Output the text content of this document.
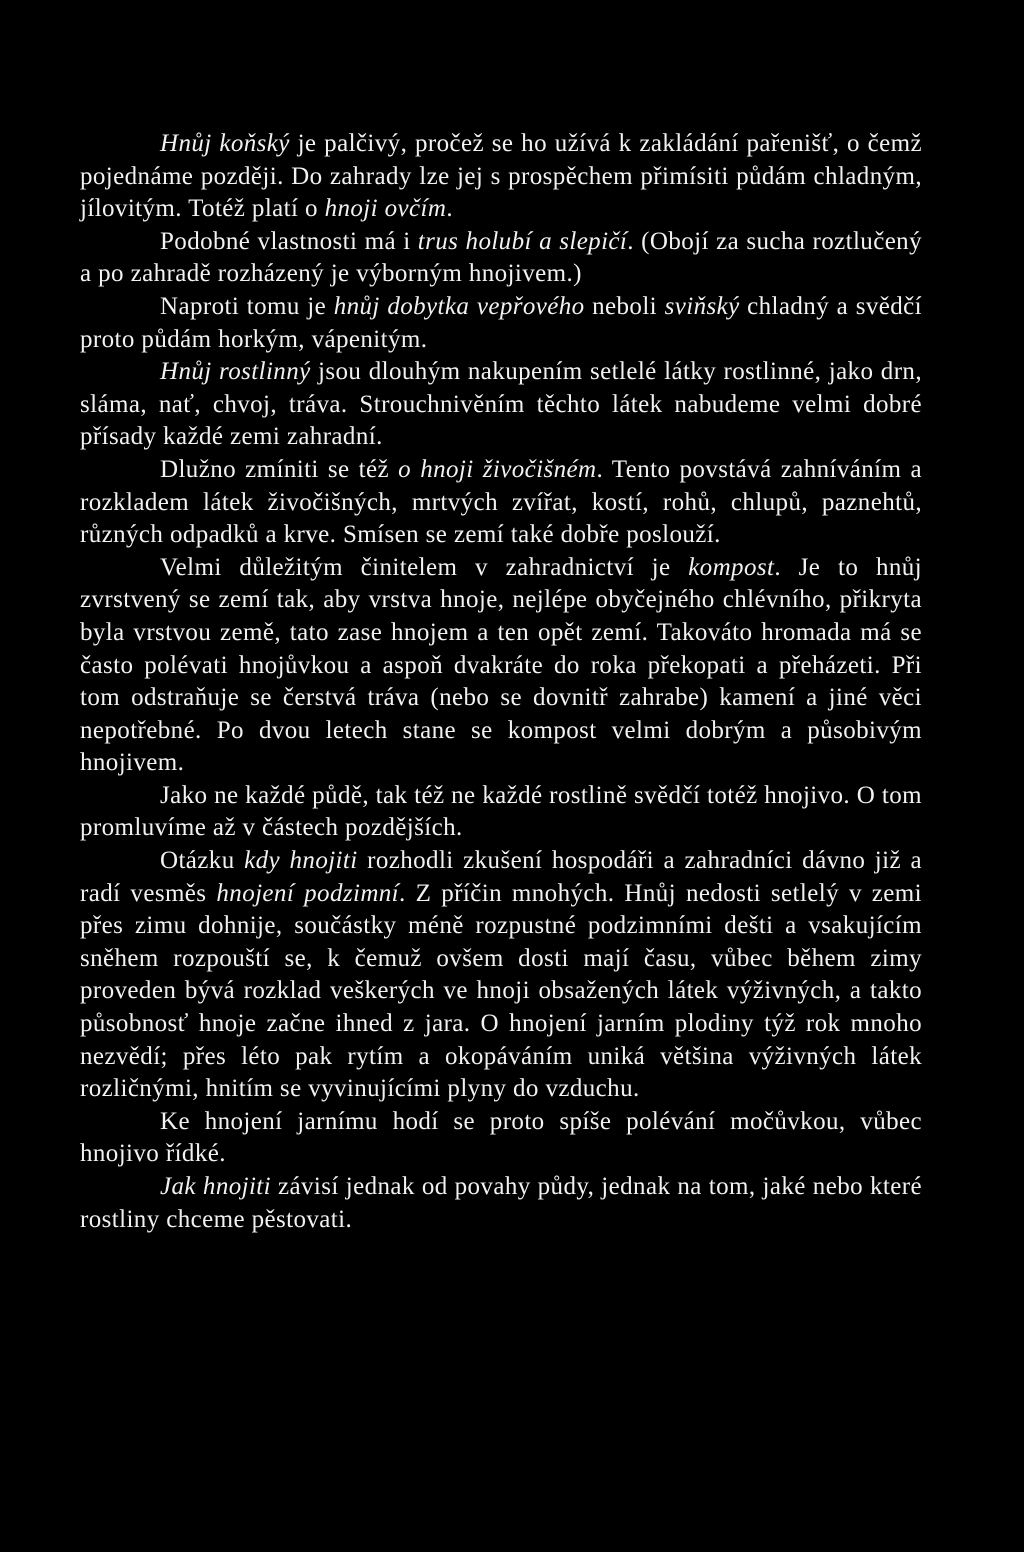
Hnůj koňský je palčivý, pročež se ho užívá k zakládání pařenišť, o čemž pojednáme později. Do zahrady lze jej s prospěchem přimísiti půdám chladným, jílovitým. Totéž platí o hnoji ovčím.

Podobné vlastnosti má i trus holubí a slepičí. (Obojí za sucha roztlučený a po zahradě rozházený je výborným hnojivem.)

Naproti tomu je hnůj dobytka vepřového neboli sviňský chladný a svědčí proto půdám horkým, vápenitým.

Hnůj rostlinný jsou dlouhým nakupením setlelé látky rostlinné, jako drn, sláma, nať, chvoj, tráva. Strouchnivěním těchto látek nabudeme velmi dobré přísady každé zemi zahradní.

Dlužno zmíniti se též o hnoji živočišném. Tento povstává zahníváním a rozkladem látek živočišných, mrtvých zvířat, kostí, rohů, chlupů, paznehtů, různých odpadků a krve. Smísen se zemí také dobře poslouží.

Velmi důležitým činitelem v zahradnictví je kompost. Je to hnůj zvrstvený se zemí tak, aby vrstva hnoje, nejlépe obyčejného chlévního, přikryta byla vrstvou země, tato zase hnojem a ten opět zemí. Takováto hromada má se často polévati hnojůvkou a aspoň dvakráte do roka překopati a přeházeti. Při tom odstraňuje se čerstvá tráva (nebo se dovnitř zahrabe) kamení a jiné věci nepotřebné. Po dvou letech stane se kompost velmi dobrým a působivým hnojivem.

Jako ne každé půdě, tak též ne každé rostlině svědčí totéž hnojivo. O tom promluvíme až v částech pozdějších.

Otázku kdy hnojiti rozhodli zkušení hospodáři a zahradníci dávno již a radí vesměs hnojení podzimní. Z příčin mnohých. Hnůj nedosti setlelý v zemi přes zimu dohnije, součástky méně rozpustné podzimními dešti a vsakujícím sněhem rozpouští se, k čemuž ovšem dosti mají času, vůbec během zimy proveden bývá rozklad veškerých ve hnoji obsažených látek výživných, a takto působnosť hnoje začne ihned z jara. O hnojení jarním plodiny týž rok mnoho nezvědí; přes léto pak rytím a okopáváním uniká většina výživných látek rozličnými, hnitím se vyvinujícími plyny do vzduchu.

Ke hnojení jarnímu hodí se proto spíše polévání močůvkou, vůbec hnojivo řídké.

Jak hnojiti závisí jednak od povahy půdy, jednak na tom, jaké nebo které rostliny chceme pěstovati.
